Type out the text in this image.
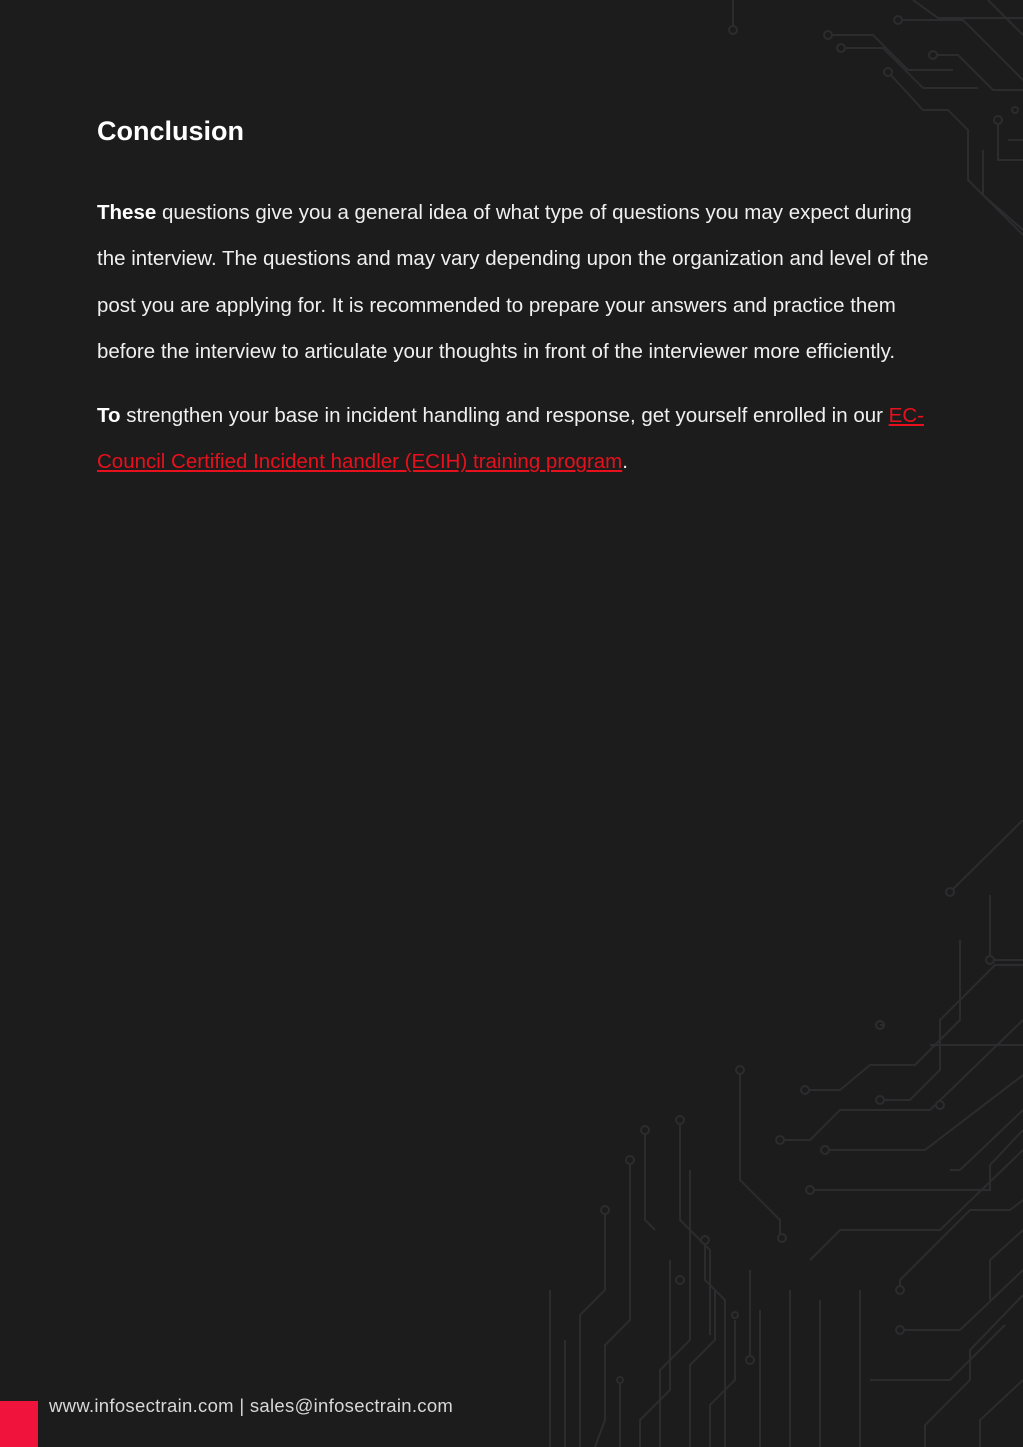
Conclusion

These questions give you a general idea of what type of questions you may expect during the interview. The questions and may vary depending upon the organization and level of the post you are applying for. It is recommended to prepare your answers and practice them before the interview to articulate your thoughts in front of the interviewer more efficiently.

To strengthen your base in incident handling and response, get yourself enrolled in our EC-Council Certified Incident handler (ECIH) training program.

www.infosectrain.com | sales@infosectrain.com
